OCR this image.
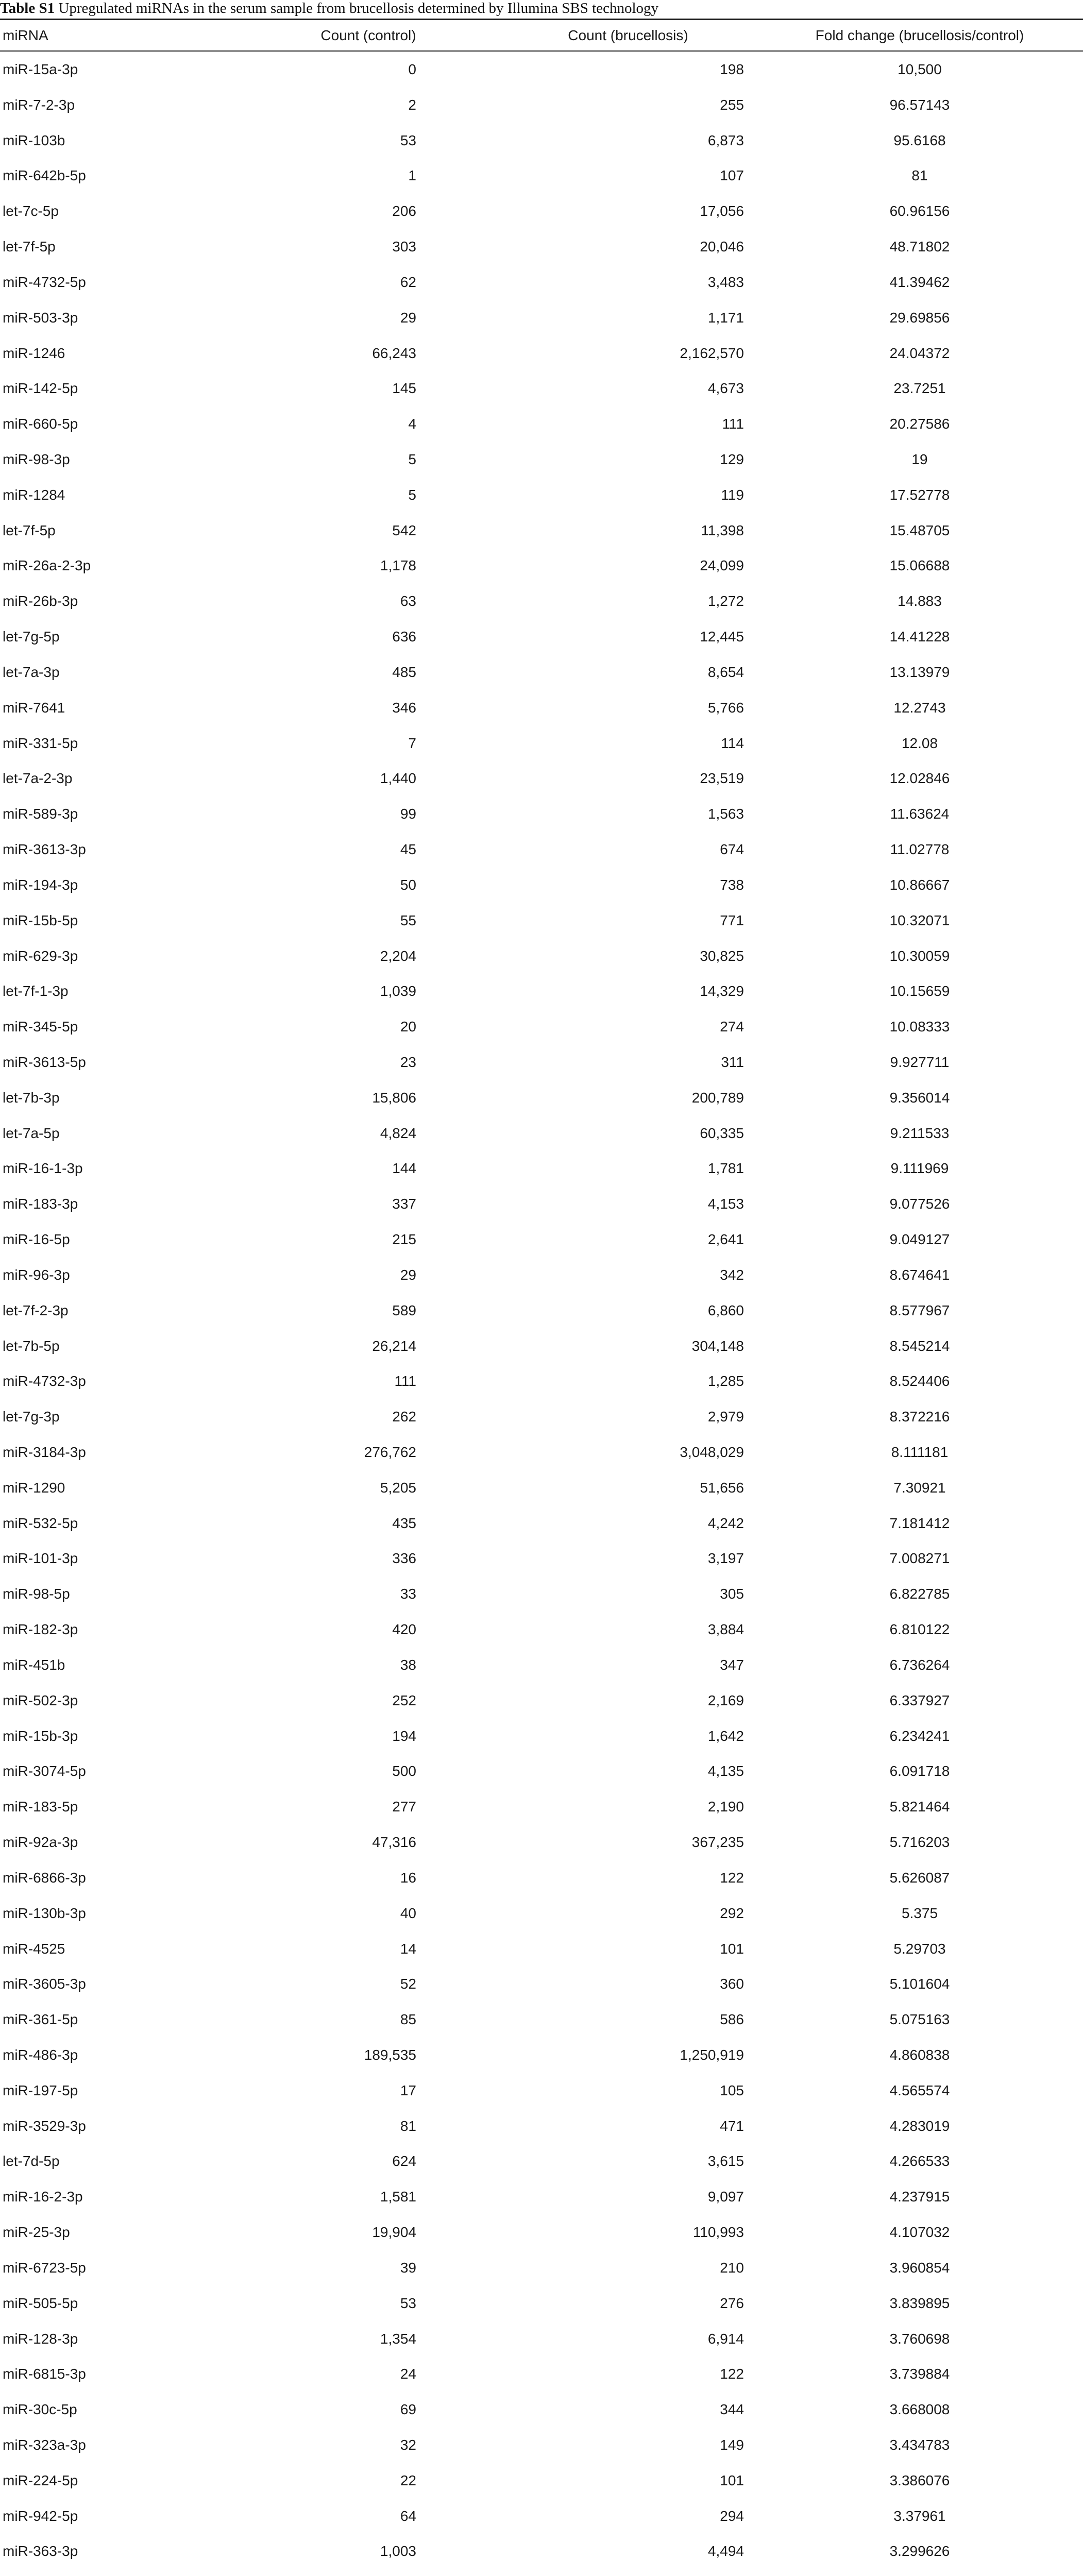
Table S1 Upregulated miRNAs in the serum sample from brucellosis determined by Illumina SBS technology
miRNA	Count (control)	Count (brucellosis)	Fold change (brucellosis/control)
miR-15a-3p	0	198	10,500
miR-7-2-3p	2	255	96.57143
miR-103b	53	6,873	95.6168
miR-642b-5p	1	107	81
let-7c-5p	206	17,056	60.96156
let-7f-5p	303	20,046	48.71802
miR-4732-5p	62	3,483	41.39462
miR-503-3p	29	1,171	29.69856
miR-1246	66,243	2,162,570	24.04372
miR-142-5p	145	4,673	23.7251
miR-660-5p	4	111	20.27586
miR-98-3p	5	129	19
miR-1284	5	119	17.52778
let-7f-5p	542	11,398	15.48705
miR-26a-2-3p	1,178	24,099	15.06688
miR-26b-3p	63	1,272	14.883
let-7g-5p	636	12,445	14.41228
let-7a-3p	485	8,654	13.13979
miR-7641	346	5,766	12.2743
miR-331-5p	7	114	12.08
let-7a-2-3p	1,440	23,519	12.02846
miR-589-3p	99	1,563	11.63624
miR-3613-3p	45	674	11.02778
miR-194-3p	50	738	10.86667
miR-15b-5p	55	771	10.32071
miR-629-3p	2,204	30,825	10.30059
let-7f-1-3p	1,039	14,329	10.15659
miR-345-5p	20	274	10.08333
miR-3613-5p	23	311	9.927711
let-7b-3p	15,806	200,789	9.356014
let-7a-5p	4,824	60,335	9.211533
miR-16-1-3p	144	1,781	9.111969
miR-183-3p	337	4,153	9.077526
miR-16-5p	215	2,641	9.049127
miR-96-3p	29	342	8.674641
let-7f-2-3p	589	6,860	8.577967
let-7b-5p	26,214	304,148	8.545214
miR-4732-3p	111	1,285	8.524406
let-7g-3p	262	2,979	8.372216
miR-3184-3p	276,762	3,048,029	8.111181
miR-1290	5,205	51,656	7.30921
miR-532-5p	435	4,242	7.181412
miR-101-3p	336	3,197	7.008271
miR-98-5p	33	305	6.822785
miR-182-3p	420	3,884	6.810122
miR-451b	38	347	6.736264
miR-502-3p	252	2,169	6.337927
miR-15b-3p	194	1,642	6.234241
miR-3074-5p	500	4,135	6.091718
miR-183-5p	277	2,190	5.821464
miR-92a-3p	47,316	367,235	5.716203
miR-6866-3p	16	122	5.626087
miR-130b-3p	40	292	5.375
miR-4525	14	101	5.29703
miR-3605-3p	52	360	5.101604
miR-361-5p	85	586	5.075163
miR-486-3p	189,535	1,250,919	4.860838
miR-197-5p	17	105	4.565574
miR-3529-3p	81	471	4.283019
let-7d-5p	624	3,615	4.266533
miR-16-2-3p	1,581	9,097	4.237915
miR-25-3p	19,904	110,993	4.107032
miR-6723-5p	39	210	3.960854
miR-505-5p	53	276	3.839895
miR-128-3p	1,354	6,914	3.760698
miR-6815-3p	24	122	3.739884
miR-30c-5p	69	344	3.668008
miR-323a-3p	32	149	3.434783
miR-224-5p	22	101	3.386076
miR-942-5p	64	294	3.37961
miR-363-3p	1,003	4,494	3.299626
